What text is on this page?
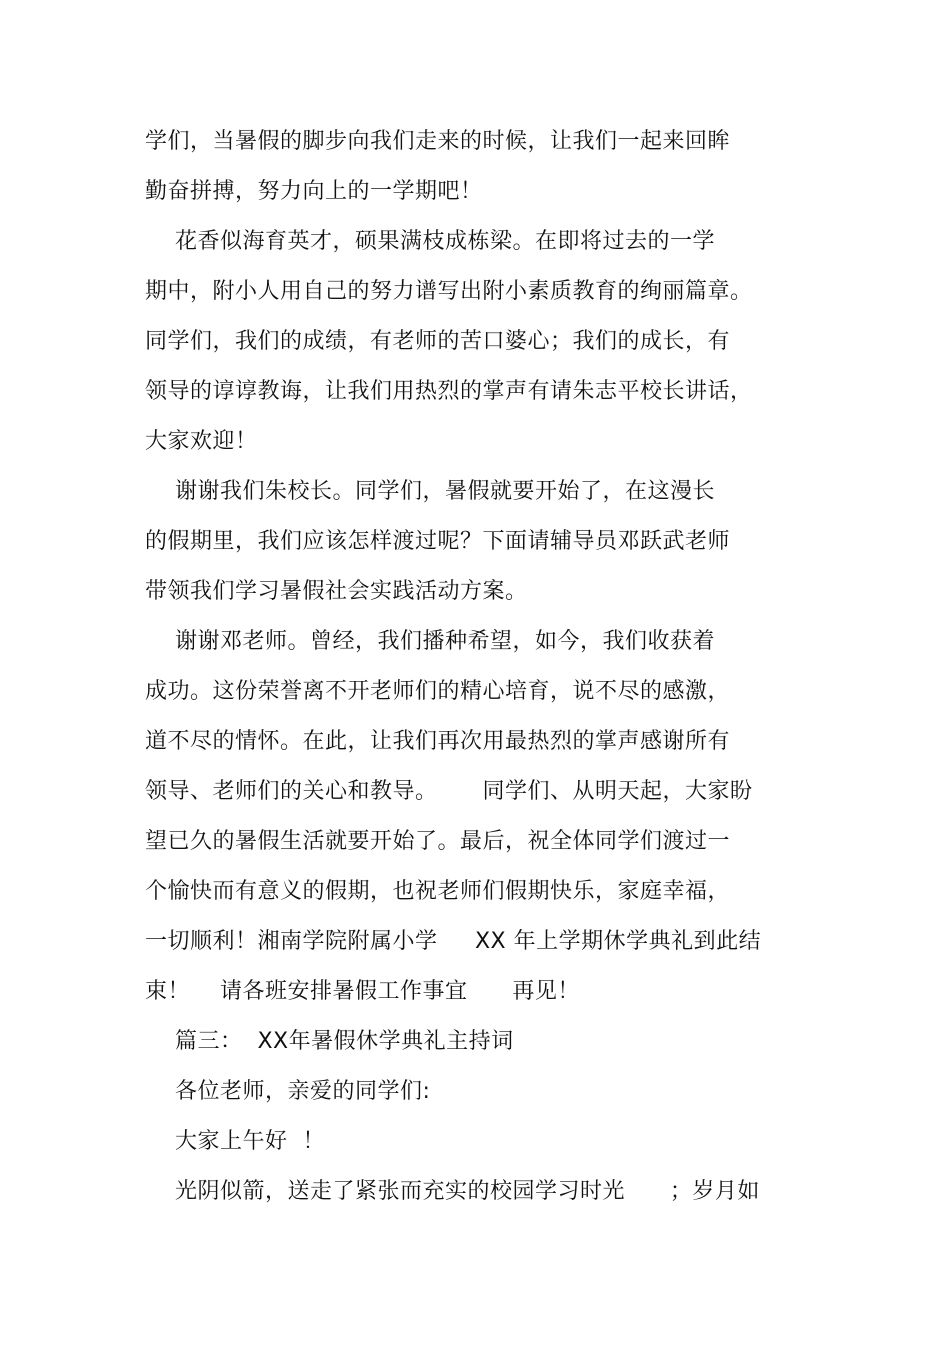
学们，当暑假的脚步向我们走来的时候，让我们一起来回眸
勤奋拼搏，努力向上的一学期吧！
花香似海育英才，硕果满枝成栋梁。在即将过去的一学
期中，附小人用自己的努力谱写出附小素质教育的绚丽篇章。
同学们，我们的成绩，有老师的苦口婆心；我们的成长，有
领导的谆谆教诲，让我们用热烈的掌声有请朱志平校长讲话，
大家欢迎！
谢谢我们朱校长。同学们，暑假就要开始了，在这漫长
的假期里，我们应该怎样渡过呢？下面请辅导员邓跃武老师
带领我们学习暑假社会实践活动方案。
谢谢邓老师。曾经，我们播种希望，如今，我们收获着
成功。这份荣誉离不开老师们的精心培育，说不尽的感激，
道不尽的情怀。在此，让我们再次用最热烈的掌声感谢所有
领导、老师们的关心和教导。      同学们、从明天起，大家盼
望已久的暑假生活就要开始了。最后，祝全体同学们渡过一
个愉快而有意义的假期，也祝老师们假期快乐，家庭幸福，
一切顺利！湘南学院附属小学     XX 年上学期休学典礼到此结
束！    请各班安排暑假工作事宜      再见！
篇三：  XX年暑假休学典礼主持词
各位老师，亲爱的同学们:
大家上午好  ！
光阴似箭，送走了紧张而充实的校园学习时光      ；岁月如
